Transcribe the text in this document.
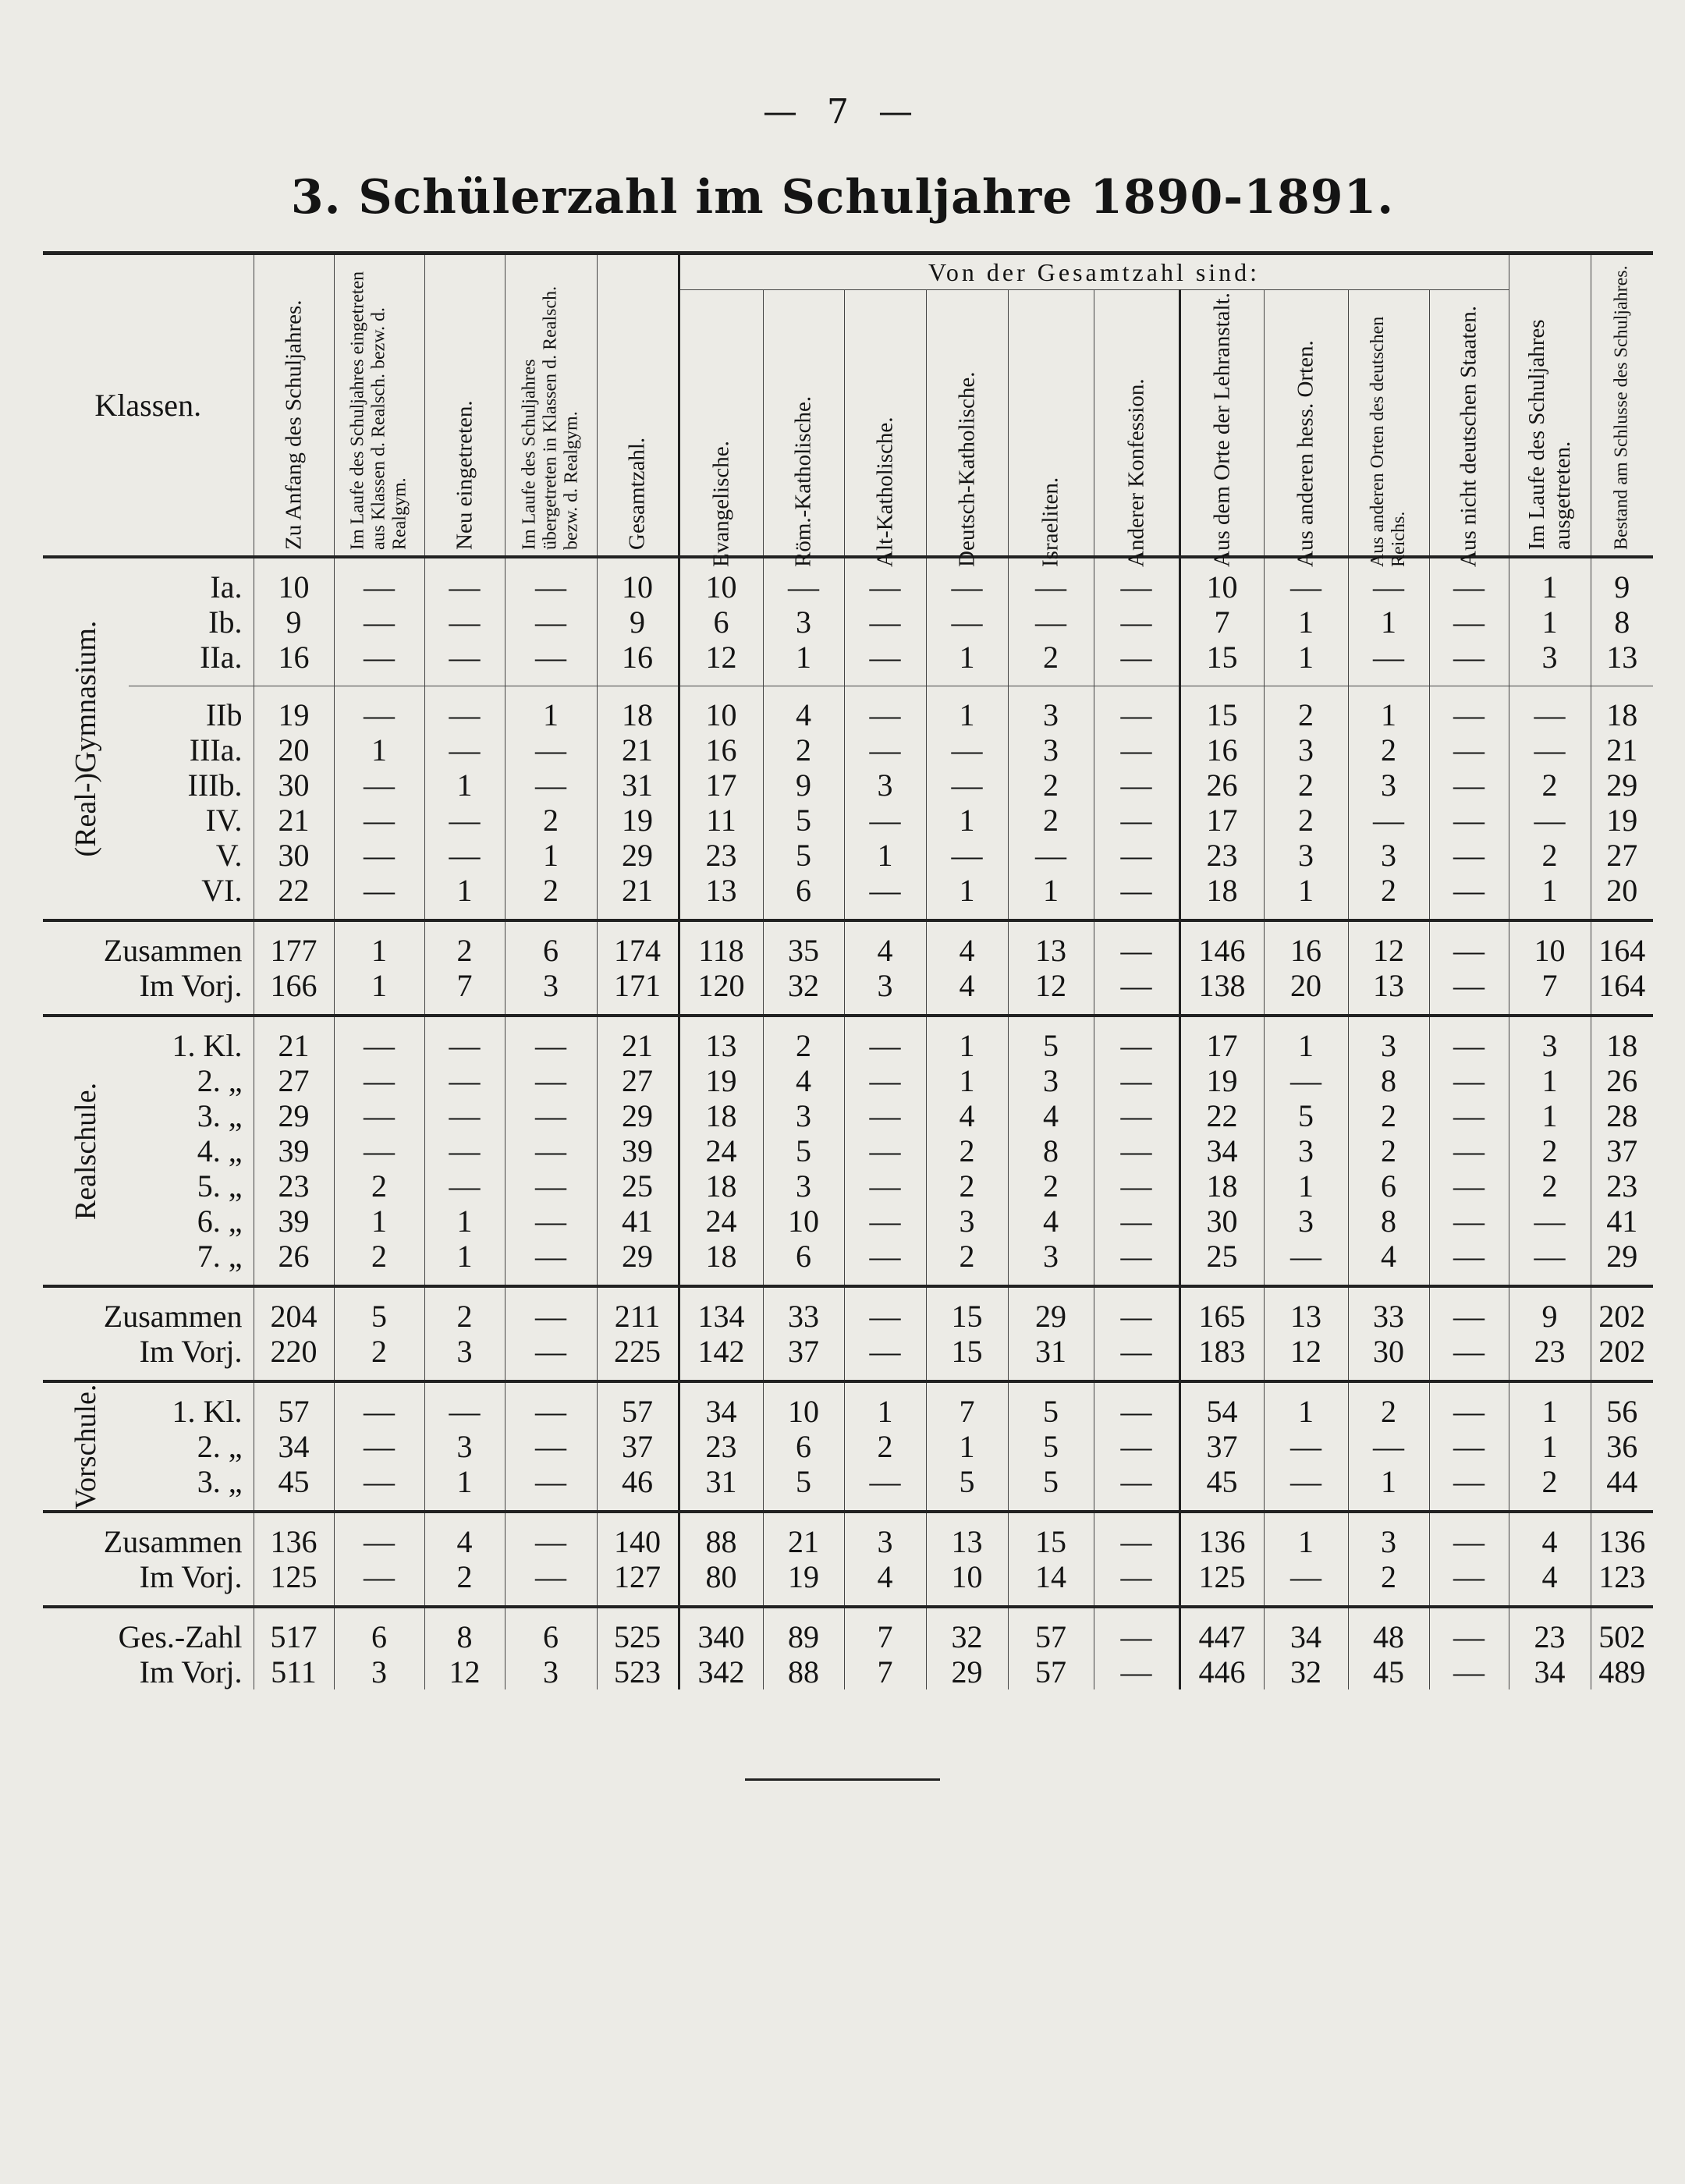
— 7 —
3. Schülerzahl im Schuljahre 1890-1891.
Klassen.		Zu Anfang des Schuljahres.	Im Laufe des Schuljahres eingetreten aus Klassen d. Realsch. bezw. d. Realgym.	Neu eingetreten.	Im Laufe des Schuljahres übergetreten in Klassen d. Realsch. bezw. d. Realgym.	Gesamtzahl.	Von der Gesamtzahl sind:										Im Laufe des Schuljahres ausgetreten.	Bestand am Schlusse des Schuljahres.

							Evangelische.	Röm.-Katholische.	Alt-Katholische.	Deutsch-Katholische.	Israeliten.	Anderer Konfession.	Aus dem Orte der Lehranstalt.	Aus anderen hess. Orten.	Aus anderen Orten des deutschen Reichs.	Aus nicht deutschen Staaten.		

(Real-)Gymnasium.	Ia.	10	—	—	—	10	10	—	—	—	—	—	10	—	—	—	1	9
	Ib.	9	—	—	—	9	6	3	—	—	—	—	7	1	1	—	1	8
	IIa.	16	—	—	—	16	12	1	—	1	2	—	15	1	—	—	3	13
	IIb	19	—	—	1	18	10	4	—	1	3	—	15	2	1	—	—	18
	IIIa.	20	1	—	—	21	16	2	—	—	3	—	16	3	2	—	—	21
	IIIb.	30	—	1	—	31	17	9	3	—	2	—	26	2	3	—	2	29
	IV.	21	—	—	2	19	11	5	—	1	2	—	17	2	—	—	—	19
	V.	30	—	—	1	29	23	5	1	—	—	—	23	3	3	—	2	27
	VI.	22	—	1	2	21	13	6	—	1	1	—	18	1	2	—	1	20
Zusammen		177	1	2	6	174	118	35	4	4	13	—	146	16	12	—	10	164
Im Vorj.		166	1	7	3	171	120	32	3	4	12	—	138	20	13	—	7	164

Realschule.	1. Kl.	21	—	—	—	21	13	2	—	1	5	—	17	1	3	—	3	18
	2. „	27	—	—	—	27	19	4	—	1	3	—	19	—	8	—	1	26
	3. „	29	—	—	—	29	18	3	—	4	4	—	22	5	2	—	1	28
	4. „	39	—	—	—	39	24	5	—	2	8	—	34	3	2	—	2	37
	5. „	23	2	—	—	25	18	3	—	2	2	—	18	1	6	—	2	23
	6. „	39	1	1	—	41	24	10	—	3	4	—	30	3	8	—	—	41
	7. „	26	2	1	—	29	18	6	—	2	3	—	25	—	4	—	—	29
Zusammen		204	5	2	—	211	134	33	—	15	29	—	165	13	33	—	9	202
Im Vorj.		220	2	3	—	225	142	37	—	15	31	—	183	12	30	—	23	202

Vorschule.	1. Kl.	57	—	—	—	57	34	10	1	7	5	—	54	1	2	—	1	56
	2. „	34	—	3	—	37	23	6	2	1	5	—	37	—	—	—	1	36
	3. „	45	—	1	—	46	31	5	—	5	5	—	45	—	1	—	2	44
Zusammen		136	—	4	—	140	88	21	3	13	15	—	136	1	3	—	4	136
Im Vorj.		125	—	2	—	127	80	19	4	10	14	—	125	—	2	—	4	123
Ges.-Zahl		517	6	8	6	525	340	89	7	32	57	—	447	34	48	—	23	502
Im Vorj.		511	3	12	3	523	342	88	7	29	57	—	446	32	45	—	34	489
